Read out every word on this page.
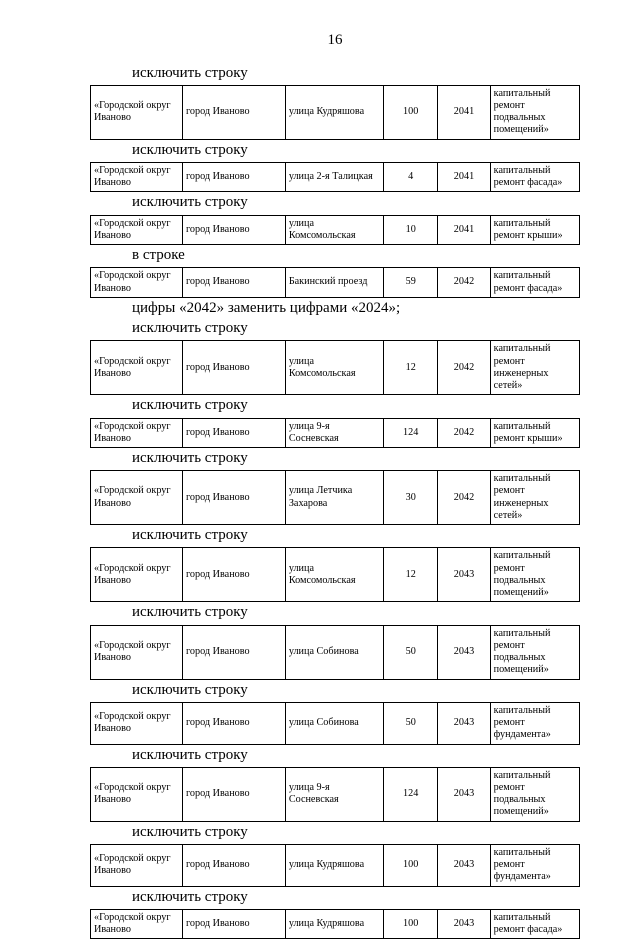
16

исключить строку

«Городской округ Иваново	город Иваново	улица Кудряшова	100	2041	капитальный ремонт подвальных помещений»

исключить строку

«Городской округ Иваново	город Иваново	улица 2-я Талицкая	4	2041	капитальный ремонт фасада»

исключить строку

«Городской округ Иваново	город Иваново	улица Комсомольская	10	2041	капитальный ремонт крыши»

в строке

«Городской округ Иваново	город Иваново	Бакинский проезд	59	2042	капитальный ремонт фасада»

цифры «2042» заменить цифрами «2024»;

исключить строку

«Городской округ Иваново	город Иваново	улица Комсомольская	12	2042	капитальный ремонт инженерных сетей»

исключить строку

«Городской округ Иваново	город Иваново	улица 9-я Сосневская	124	2042	капитальный ремонт крыши»

исключить строку

«Городской округ Иваново	город Иваново	улица Летчика Захарова	30	2042	капитальный ремонт инженерных сетей»

исключить строку

«Городской округ Иваново	город Иваново	улица Комсомольская	12	2043	капитальный ремонт подвальных помещений»

исключить строку

«Городской округ Иваново	город Иваново	улица Собинова	50	2043	капитальный ремонт подвальных помещений»

исключить строку

«Городской округ Иваново	город Иваново	улица Собинова	50	2043	капитальный ремонт фундамента»

исключить строку

«Городской округ Иваново	город Иваново	улица 9-я Сосневская	124	2043	капитальный ремонт подвальных помещений»

исключить строку

«Городской округ Иваново	город Иваново	улица Кудряшова	100	2043	капитальный ремонт фундамента»

исключить строку

«Городской округ Иваново	город Иваново	улица Кудряшова	100	2043	капитальный ремонт фасада»
